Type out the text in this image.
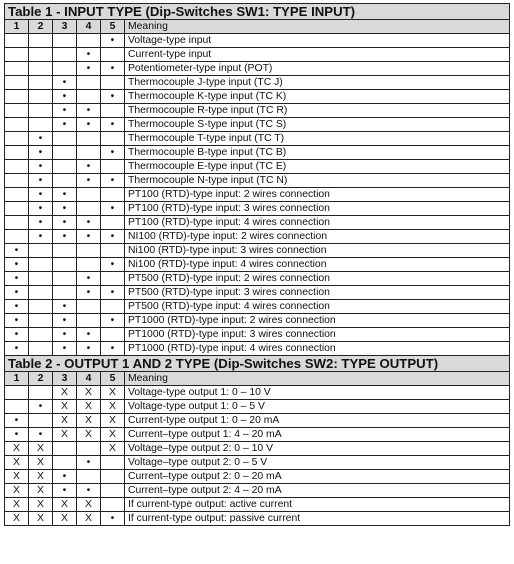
Table 1 - INPUT TYPE (Dip-Switches SW1: TYPE INPUT)					
1	2	3	4	5	Meaning
				•	Voltage-type input
			•		Current-type input
			•	•	Potentiometer-type input (POT)
		•			Thermocouple J-type input (TC J)
		•		•	Thermocouple K-type input (TC K)
		•	•		Thermocouple R-type input (TC R)
		•	•	•	Thermocouple S-type input (TC S)
	•				Thermocouple T-type input (TC T)
	•			•	Thermocouple B-type input (TC B)
	•		•		Thermocouple E-type input (TC E)
	•		•	•	Thermocouple N-type input (TC N)
	•	•			PT100 (RTD)-type input: 2 wires connection
	•	•		•	PT100 (RTD)-type input: 3 wires connection
	•	•	•		PT100 (RTD)-type input: 4 wires connection
	•	•	•	•	NI100 (RTD)-type input: 2 wires connection
•					Ni100 (RTD)-type input: 3 wires connection
•				•	Ni100 (RTD)-type input: 4 wires connection
•			•		PT500 (RTD)-type input: 2 wires connection
•			•	•	PT500 (RTD)-type input: 3 wires connection
•		•			PT500 (RTD)-type input: 4 wires connection
•		•		•	PT1000 (RTD)-type input: 2 wires connection
•		•	•		PT1000 (RTD)-type input: 3 wires connection
•		•	•	•	PT1000 (RTD)-type input: 4 wires connection
Table 2 - OUTPUT 1 AND 2 TYPE (Dip-Switches SW2: TYPE OUTPUT)					
1	2	3	4	5	Meaning
		X	X	X	Voltage-type output 1: 0 – 10 V
	•	X	X	X	Voltage-type output 1: 0 – 5 V
•		X	X	X	Current-type output 1: 0 – 20 mA
•	•	X	X	X	Current–type output 1: 4 – 20 mA
X	X			X	Voltage–type output 2: 0 – 10 V
X	X		•		Voltage–type output 2: 0 – 5 V
X	X	•			Current–type output 2: 0 – 20 mA
X	X	•	•		Current–type output 2: 4 – 20 mA
X	X	X	X		If current-type output: active current
X	X	X	X	•	If current-type output: passive current
